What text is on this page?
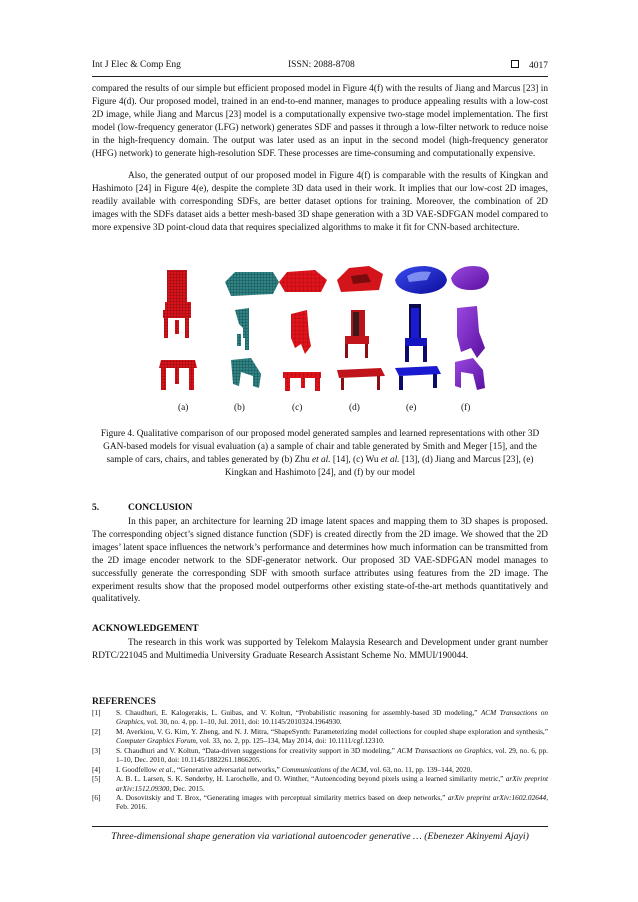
Int J Elec & Comp Eng	ISSN: 2088-8708	4017

compared the results of our simple but efficient proposed model in Figure 4(f) with the results of Jiang and Marcus [23] in Figure 4(d). Our proposed model, trained in an end-to-end manner, manages to produce appealing results with a low-cost 2D image, while Jiang and Marcus [23] model is a computationally expensive two-stage model implementation. The first model (low-frequency generator (LFG) network) generates SDF and passes it through a low-filter network to reduce noise in the high-frequency domain. The output was later used as an input in the second model (high-frequency generator (HFG) network) to generate high-resolution SDF. These processes are time-consuming and computationally expensive.

Also, the generated output of our proposed model in Figure 4(f) is comparable with the results of Kingkan and Hashimoto [24] in Figure 4(e), despite the complete 3D data used in their work. It implies that our low-cost 2D images, readily available with corresponding SDFs, are better dataset options for training. Moreover, the combination of 2D images with the SDFs dataset aids a better mesh-based 3D shape generation with a 3D VAE-SDFGAN model compared to more expensive 3D point-cloud data that requires specialized algorithms to make it fit for CNN-based architecture.

(a)	(b)	(c)	(d)	(e)	(f)
Figure 4. Qualitative comparison of our proposed model generated samples and learned representations with other 3D GAN-based models for visual evaluation (a) a sample of chair and table generated by Smith and Meger [15], and the sample of cars, chairs, and tables generated by (b) Zhu et al. [14], (c) Wu et al. [13], (d) Jiang and Marcus [23], (e) Kingkan and Hashimoto [24], and (f) by our model
5.	CONCLUSION

In this paper, an architecture for learning 2D image latent spaces and mapping them to 3D shapes is proposed. The corresponding object’s signed distance function (SDF) is created directly from the 2D image. We showed that the 2D images’ latent space influences the network’s performance and determines how much information can be transmitted from the 2D image encoder network to the SDF-generator network. Our proposed 3D VAE-SDFGAN model manages to successfully generate the corresponding SDF with smooth surface attributes using features from the 2D image. The experiment results show that the proposed model outperforms other existing state-of-the-art methods quantitatively and qualitatively.

ACKNOWLEDGEMENT

The research in this work was supported by Telekom Malaysia Research and Development under grant number RDTC/221045 and Multimedia University Graduate Research Assistant Scheme No. MMUI/190044.

REFERENCES
[1] S. Chaudhuri, E. Kalogerakis, L. Guibas, and V. Koltun, “Probabilistic reasoning for assembly-based 3D modeling,” ACM Transactions on Graphics, vol. 30, no. 4, pp. 1–10, Jul. 2011, doi: 10.1145/2010324.1964930.
[2] M. Averkiou, V. G. Kim, Y. Zheng, and N. J. Mitra, “ShapeSynth: Parameterizing model collections for coupled shape exploration and synthesis,” Computer Graphics Forum, vol. 33, no. 2, pp. 125–134, May 2014, doi: 10.1111/cgf.12310.
[3] S. Chaudhuri and V. Koltun, “Data-driven suggestions for creativity support in 3D modeling,” ACM Transactions on Graphics, vol. 29, no. 6, pp. 1–10, Dec. 2010, doi: 10.1145/1882261.1866205.
[4] I. Goodfellow et al., “Generative adversarial networks,” Communications of the ACM, vol. 63, no. 11, pp. 139–144, 2020.
[5] A. B. L. Larsen, S. K. Sønderby, H. Larochelle, and O. Winther, “Autoencoding beyond pixels using a learned similarity metric,” arXiv preprint arXiv:1512.09300, Dec. 2015.
[6] A. Dosovitskiy and T. Brox, “Generating images with perceptual similarity metrics based on deep networks,” arXiv preprint arXiv:1602.02644, Feb. 2016.
Three-dimensional shape generation via variational autoencoder generative … (Ebenezer Akinyemi Ajayi)
